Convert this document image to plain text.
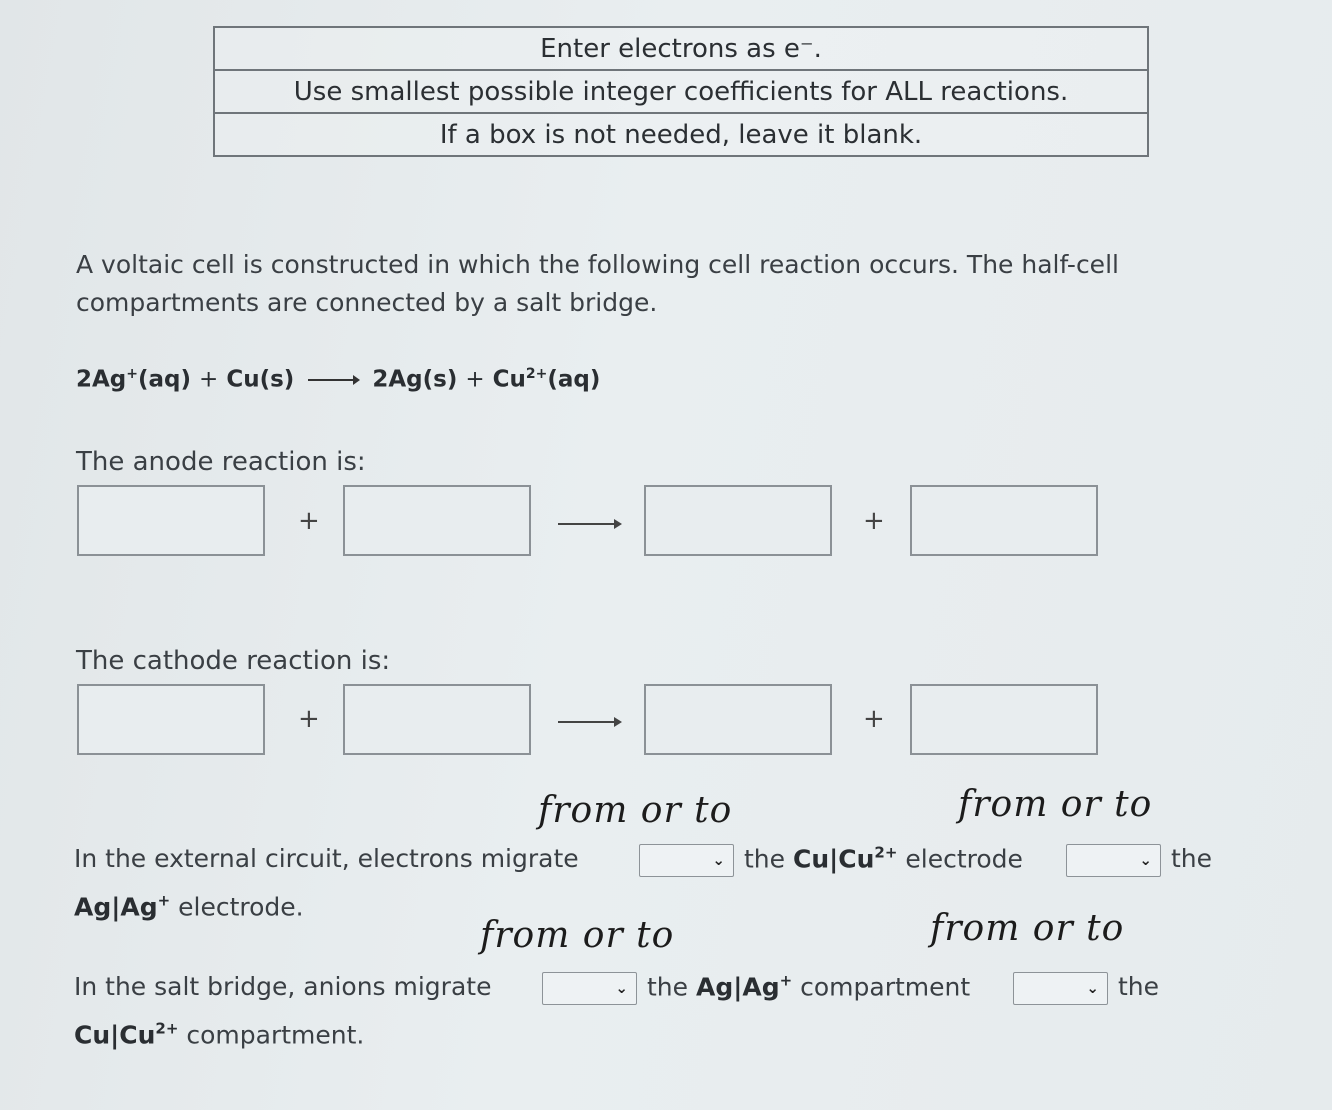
Enter electrons as e⁻.
Use smallest possible integer coefficients for ALL reactions.
If a box is not needed, leave it blank.
A voltaic cell is constructed in which the following cell reaction occurs. The half-cell compartments are connected by a salt bridge.
2Ag+(aq) + Cu(s)	$2Ag(s) + Cu^{2+}(aq)$
The anode reaction is:
+	+
The cathode reaction is:
+	+
from or to	from or to
from or to	from or to
In the external circuit, electrons migrate	⌄ the $Cu|Cu^{2+}$ electrode	⌄ the
Ag|Ag+ electrode.
In the salt bridge, anions migrate	⌄ the Ag|Ag+ compartment	⌄ the
$Cu|Cu^{2+}$ compartment.
